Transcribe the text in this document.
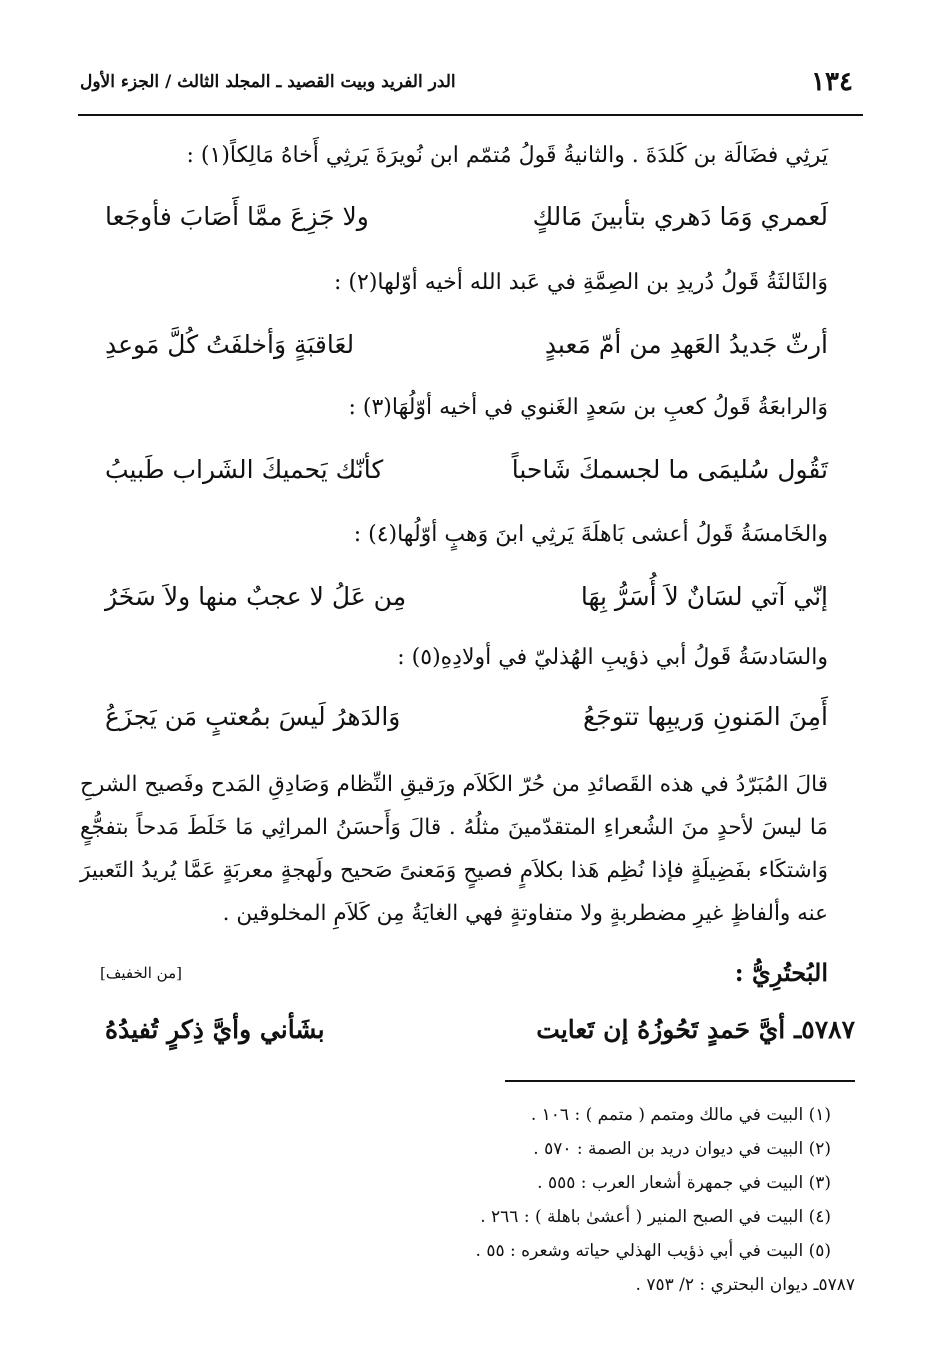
١٣٤
الدر الفريد وبيت القصيد ـ المجلد الثالث / الجزء الأول
يَرثِي فضَالَة بن كَلدَةَ . والثانيةُ قَولُ مُتمّم ابن نُويرَةَ يَرثِي أَخاهُ مَالِكاً(١) :
لَعمري وَمَا دَهري بتأبينَ مَالكٍ
ولا جَزِعَ ممَّا أَصَابَ فأوجَعا
وَالثَالثَةُ قَولُ دُريدِ بن الصِمَّةِ في عَبد الله أخيه أوّلها(٢) :
أرثّ جَديدُ العَهدِ من أمّ مَعبدٍ
لعَاقبَةٍ وَأخلفَتُ كُلَّ مَوعدِ
وَالرابعَةُ قَولُ كعبِ بن سَعدٍ الغَنوي في أخيه أوّلُهَا(٣) :
تَقُول سُليمَى ما لجسمكَ شَاحباً
كأنّك يَحميكَ الشَراب طَبيبُ
والخَامسَةُ قَولُ أعشى بَاهلَةَ يَرثِي ابنَ وَهبٍ أوّلُها(٤) :
إنّي آتي لسَانٌ لاَ أُسَرُّ بِهَا
مِن عَلُ لا عجبٌ منها ولاَ سَخَرُ
والسَادسَةُ قَولُ أبي ذؤيبِ الهُذليّ في أولادِهِ(٥) :
أَمِنَ المَنونِ وَريبِها تتوجَعُ
وَالدَهرُ لَيسَ بمُعتبٍ مَن يَجزَعُ
قالَ المُبَرّدُ في هذه القَصائدِ من حُرّ الكَلاَم ورَقيقِ النِّظام وَصَادِقِ المَدح وفَصيح الشرحِ مَا ليسَ لأحدٍ منَ الشُعراءِ المتقدّمينَ مثلُهُ . قالَ وَأَحسَنُ المراثِي مَا خَلَطَ مَدحاً بتفجُّعٍ وَاشتكَاء بفَضِيلَةٍ فإذا نُظِم هَذا بكلاَمٍ فصيحٍ وَمَعنىً صَحيح ولَهجةٍ معربَةٍ عَمَّا يُريدُ التَعبيرَ عنه وألفاظٍ غيرِ مضطربةٍ ولا متفاوتةٍ فهي الغايَةُ مِن كَلاَمِ المخلوقين .
البُحتُرِيُّ :
[من الخفيف]
٥٧٨٧ـ أيَّ حَمدٍ تَحُوزُهُ إن تَعايت
بشَأني وأيَّ ذِكرٍ تُفيدُهُ
(١) البيت في مالك ومتمم ( متمم ) : ١٠٦ .
(٢) البيت في ديوان دريد بن الصمة : ٥٧٠ .
(٣) البيت في جمهرة أشعار العرب : ٥٥٥ .
(٤) البيت في الصبح المنير ( أعشىٰ باهلة ) : ٢٦٦ .
(٥) البيت في أبي ذؤيب الهذلي حياته وشعره : ٥٥ .
٥٧٨٧ـ ديوان البحتري : ٢/ ٧٥٣ .
